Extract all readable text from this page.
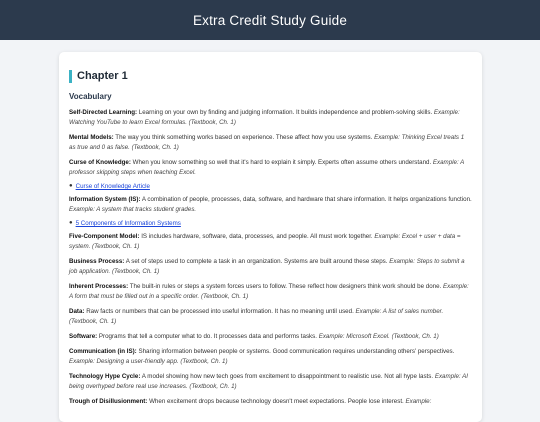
Extra Credit Study Guide
Chapter 1
Vocabulary

Self-Directed Learning: Learning on your own by finding and judging information. It builds independence and problem-solving skills. Example: Watching YouTube to learn Excel formulas. (Textbook, Ch. 1)

Mental Models: The way you think something works based on experience. These affect how you use systems. Example: Thinking Excel treats 1 as true and 0 as false. (Textbook, Ch. 1)

Curse of Knowledge: When you know something so well that it's hard to explain it simply. Experts often assume others understand. Example: A professor skipping steps when teaching Excel.

● Curse of Knowledge Article

Information System (IS): A combination of people, processes, data, software, and hardware that share information. It helps organizations function. Example: A system that tracks student grades.

● 5 Components of Information Systems

Five-Component Model: IS includes hardware, software, data, processes, and people. All must work together. Example: Excel + user + data = system. (Textbook, Ch. 1)

Business Process: A set of steps used to complete a task in an organization. Systems are built around these steps. Example: Steps to submit a job application. (Textbook, Ch. 1)

Inherent Processes: The built-in rules or steps a system forces users to follow. These reflect how designers think work should be done. Example: A form that must be filled out in a specific order. (Textbook, Ch. 1)

Data: Raw facts or numbers that can be processed into useful information. It has no meaning until used. Example: A list of sales number. (Textbook, Ch. 1)

Software: Programs that tell a computer what to do. It processes data and performs tasks. Example: Microsoft Excel. (Textbook, Ch. 1)

Communication (in IS): Sharing information between people or systems. Good communication requires understanding others' perspectives. Example: Designing a user-friendly app. (Textbook, Ch. 1)

Technology Hype Cycle: A model showing how new tech goes from excitement to disappointment to realistic use. Not all hype lasts. Example: AI being overhyped before real use increases. (Textbook, Ch. 1)

Trough of Disillusionment: When excitement drops because technology doesn't meet expectations. People lose interest. Example:
